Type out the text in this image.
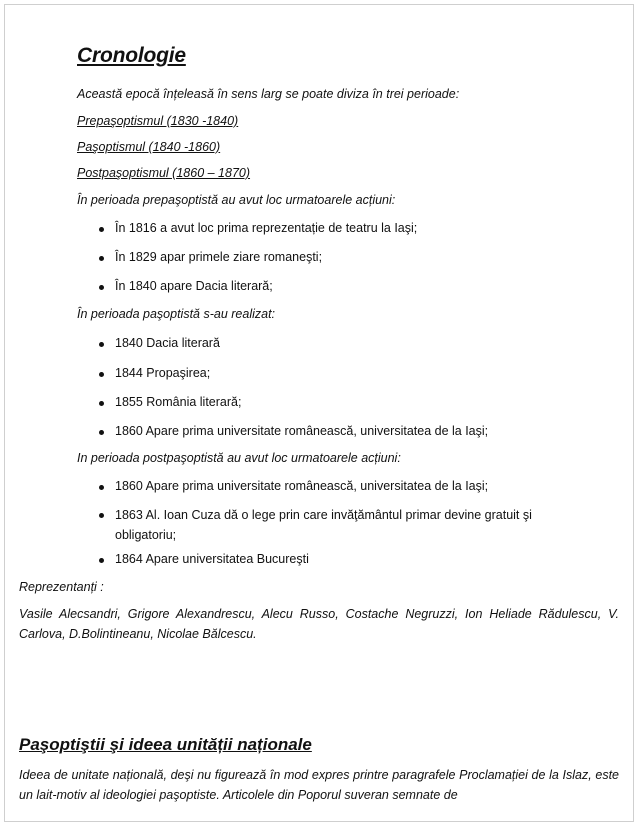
Cronologie
Această epocă înțeleasă în sens larg se poate diviza în trei perioade:
Prepaşoptismul (1830 -1840)
Paşoptismul (1840 -1860)
Postpaşoptismul (1860 – 1870)
În perioada prepaşoptistă au avut loc urmatoarele acțiuni:
În 1816 a avut loc prima reprezentație de teatru la Iaşi;
În 1829 apar primele ziare romaneşti;
În 1840 apare Dacia literară;
În perioada paşoptistă s-au realizat:
1840 Dacia literară
1844 Propaşirea;
1855 România literară;
1860 Apare prima universitate românească, universitatea de la Iaşi;
In perioada postpaşoptistă au avut loc urmatoarele acțiuni:
1860 Apare prima universitate românească, universitatea de la Iaşi;
1863 Al. Ioan Cuza dă o lege prin care invăţământul primar devine gratuit şi obligatoriu;
1864 Apare universitatea Bucureşti
Reprezentanți :
Vasile Alecsandri, Grigore Alexandrescu, Alecu Russo, Costache Negruzzi, Ion Heliade Rădulescu, V. Carlova, D.Bolintineanu, Nicolae Bălcescu.
Paşoptiştii şi ideea unității naționale
Ideea de unitate națională, deşi nu figurează în mod expres printre paragrafele Proclamației de la Islaz, este un lait-motiv al ideologiei paşoptiste. Articolele din Poporul suveran semnate de
